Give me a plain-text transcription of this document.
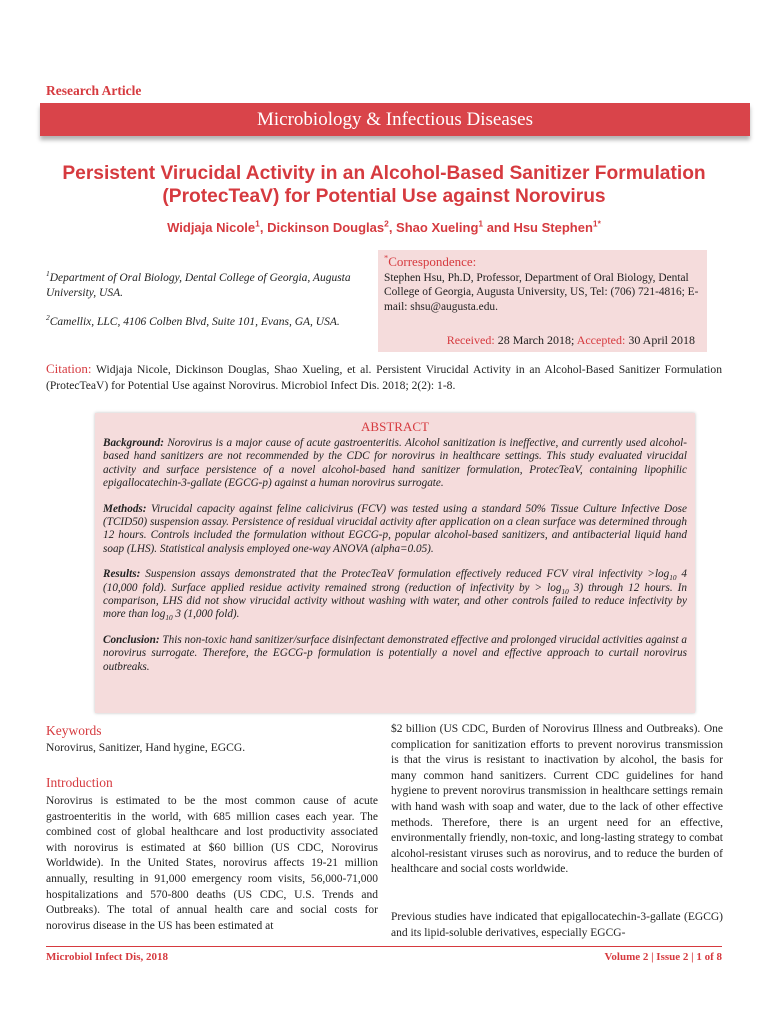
Research Article
Microbiology & Infectious Diseases
Persistent Virucidal Activity in an Alcohol-Based Sanitizer Formulation
(ProtecTeaV) for Potential Use against Norovirus
Widjaja Nicole$^1$, Dickinson Douglas$^2$, Shao Xueling$^1$ and Hsu Stephen$^{1*}$
$^1$Department of Oral Biology, Dental College of Georgia, Augusta University, USA.
$^2$Camellix, LLC, 4106 Colben Blvd, Suite 101, Evans, GA, USA.
*Correspondence:
Stephen Hsu, Ph.D, Professor, Department of Oral Biology, Dental College of Georgia, Augusta University, US, Tel: (706) 721-4816; E-mail: shsu@augusta.edu.
Received: 28 March 2018; Accepted: 30 April 2018
Citation: Widjaja Nicole, Dickinson Douglas, Shao Xueling, et al. Persistent Virucidal Activity in an Alcohol-Based Sanitizer Formulation (ProtecTeaV) for Potential Use against Norovirus. Microbiol Infect Dis. 2018; 2(2): 1-8.
ABSTRACT

Background: Norovirus is a major cause of acute gastroenteritis. Alcohol sanitization is ineffective, and currently used alcohol-based hand sanitizers are not recommended by the CDC for norovirus in healthcare settings. This study evaluated virucidal activity and surface persistence of a novel alcohol-based hand sanitizer formulation, ProtecTeaV, containing lipophilic epigallocatechin-3-gallate (EGCG-p) against a human norovirus surrogate.

Methods: Virucidal capacity against feline calicivirus (FCV) was tested using a standard 50% Tissue Culture Infective Dose (TCID50) suspension assay. Persistence of residual virucidal activity after application on a clean surface was determined through 12 hours. Controls included the formulation without EGCG-p, popular alcohol-based sanitizers, and antibacterial liquid hand soap (LHS). Statistical analysis employed one-way ANOVA (alpha=0.05).

Results: Suspension assays demonstrated that the ProtecTeaV formulation effectively reduced FCV viral infectivity $>\log_{10}$ 4 (10,000 fold). Surface applied residue activity remained strong (reduction of infectivity by > $\log_{10} 3$) through 12 hours. In comparison, LHS did not show virucidal activity without washing with water, and other controls failed to reduce infectivity by more than $\log_{10} 3$ (1,000 fold).

Conclusion: This non-toxic hand sanitizer/surface disinfectant demonstrated effective and prolonged virucidal activities against a norovirus surrogate. Therefore, the EGCG-p formulation is potentially a novel and effective approach to curtail norovirus outbreaks.

Keywords
Norovirus, Sanitizer, Hand hygine, EGCG.
Introduction
Norovirus is estimated to be the most common cause of acute gastroenteritis in the world, with 685 million cases each year. The combined cost of global healthcare and lost productivity associated with norovirus is estimated at $60 billion (US CDC, Norovirus Worldwide). In the United States, norovirus affects 19-21 million annually, resulting in 91,000 emergency room visits, 56,000-71,000 hospitalizations and 570-800 deaths (US CDC, U.S. Trends and Outbreaks). The total of annual health care and social costs for norovirus disease in the US has been estimated at
$2 billion (US CDC, Burden of Norovirus Illness and Outbreaks). One complication for sanitization efforts to prevent norovirus transmission is that the virus is resistant to inactivation by alcohol, the basis for many common hand sanitizers. Current CDC guidelines for hand hygiene to prevent norovirus transmission in healthcare settings remain with hand wash with soap and water, due to the lack of other effective methods. Therefore, there is an urgent need for an effective, environmentally friendly, non-toxic, and long-lasting strategy to combat alcohol-resistant viruses such as norovirus, and to reduce the burden of healthcare and social costs worldwide.
Previous studies have indicated that epigallocatechin-3-gallate (EGCG) and its lipid-soluble derivatives, especially EGCG-
Microbiol Infect Dis, 2018	Volume 2 | Issue 2 | 1 of 8
